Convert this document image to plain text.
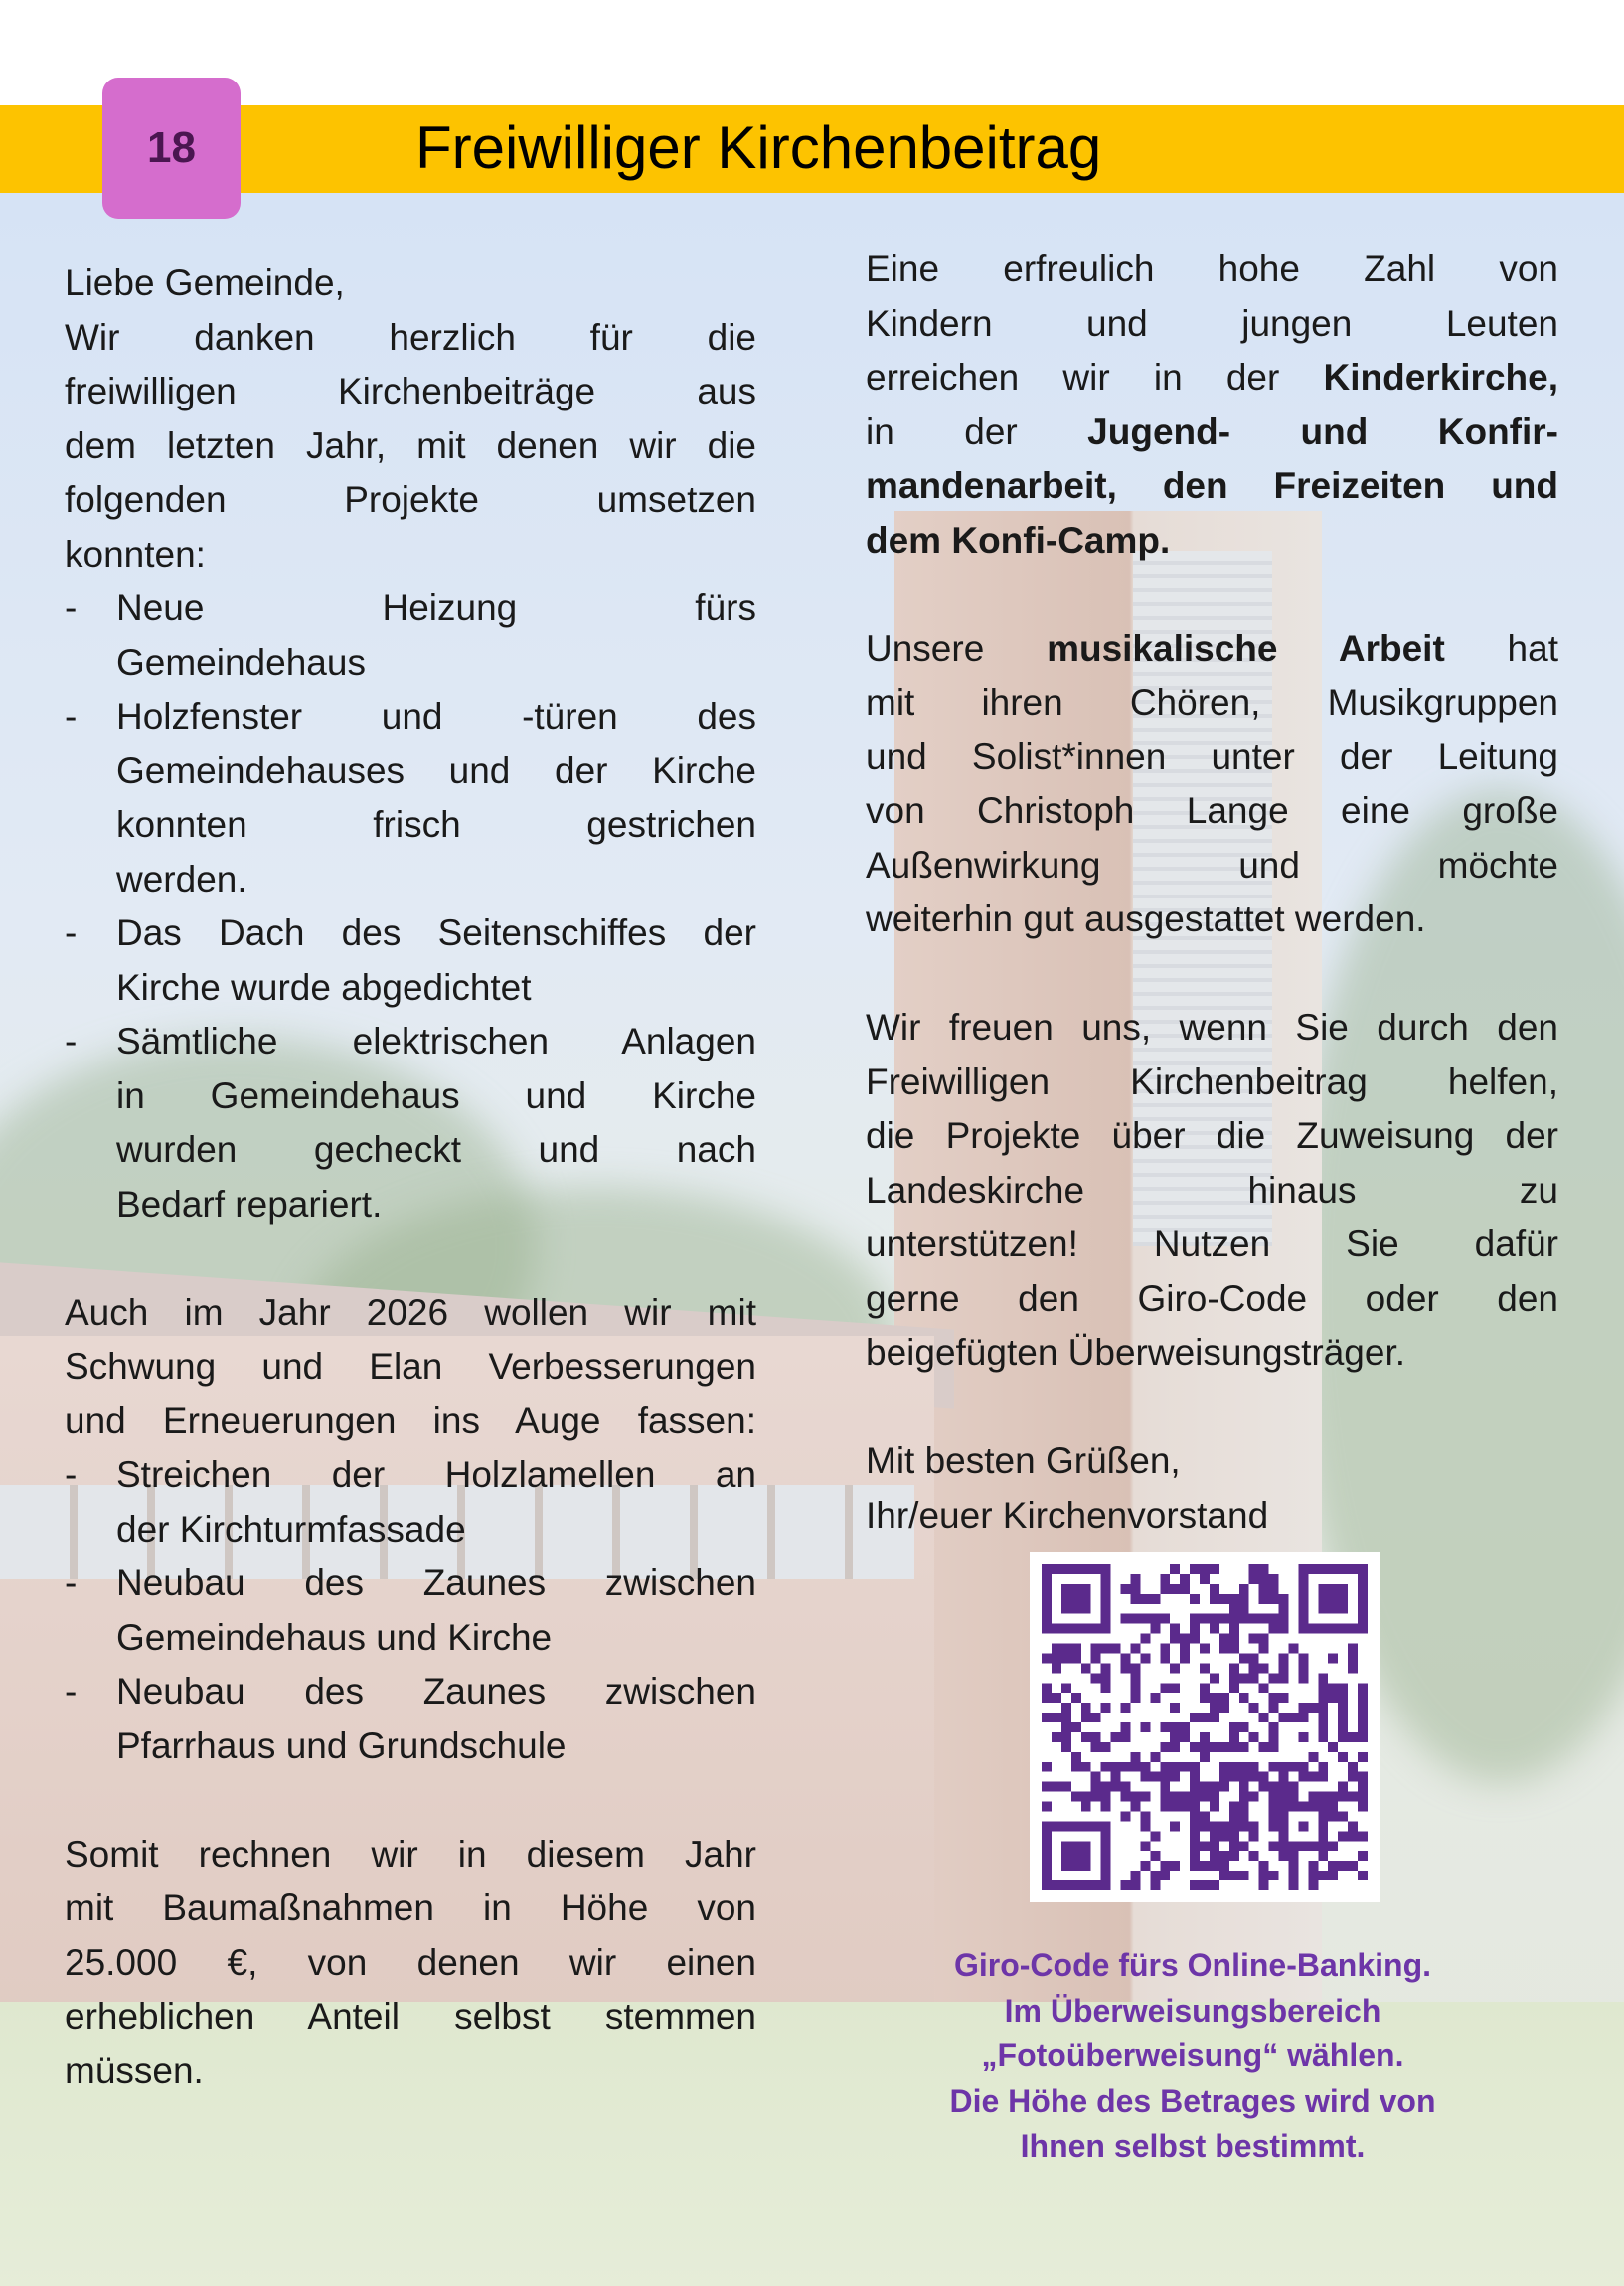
18	Freiwilliger Kirchenbeitrag
Liebe Gemeinde,
Wir danken herzlich für die
freiwilligen Kirchenbeiträge aus
dem letzten Jahr, mit denen wir die
folgenden Projekte umsetzen
konnten:
- Neue Heizung fürs
Gemeindehaus
- Holzfenster und -türen des
Gemeindehauses und der Kirche
konnten frisch gestrichen
werden.
- Das Dach des Seitenschiffes der
Kirche wurde abgedichtet
- Sämtliche elektrischen Anlagen
in Gemeindehaus und Kirche
wurden gecheckt und nach
Bedarf repariert.

Auch im Jahr 2026 wollen wir mit
Schwung und Elan Verbesserungen
und Erneuerungen ins Auge fassen:
- Streichen der Holzlamellen an
der Kirchturmfassade
- Neubau des Zaunes zwischen
Gemeindehaus und Kirche
- Neubau des Zaunes zwischen
Pfarrhaus und Grundschule

Somit rechnen wir in diesem Jahr
mit Baumaßnahmen in Höhe von
25.000 €, von denen wir einen
erheblichen Anteil selbst stemmen
müssen.
Eine erfreulich hohe Zahl von
Kindern und jungen Leuten
erreichen wir in der Kinderkirche,
in der Jugend- und Konfir-
mandenarbeit, den Freizeiten und
dem Konfi-Camp.

Unsere musikalische Arbeit hat
mit ihren Chören, Musikgruppen
und Solist*innen unter der Leitung
von Christoph Lange eine große
Außenwirkung und möchte
weiterhin gut ausgestattet werden.

Wir freuen uns, wenn Sie durch den
Freiwilligen Kirchenbeitrag helfen,
die Projekte über die Zuweisung der
Landeskirche hinaus zu
unterstützen! Nutzen Sie dafür
gerne den Giro-Code oder den
beigefügten Überweisungsträger.

Mit besten Grüßen,
Ihr/euer Kirchenvorstand
Giro-Code fürs Online-Banking.
Im Überweisungsbereich
„Fotoüberweisung“ wählen.
Die Höhe des Betrages wird von
Ihnen selbst bestimmt.
